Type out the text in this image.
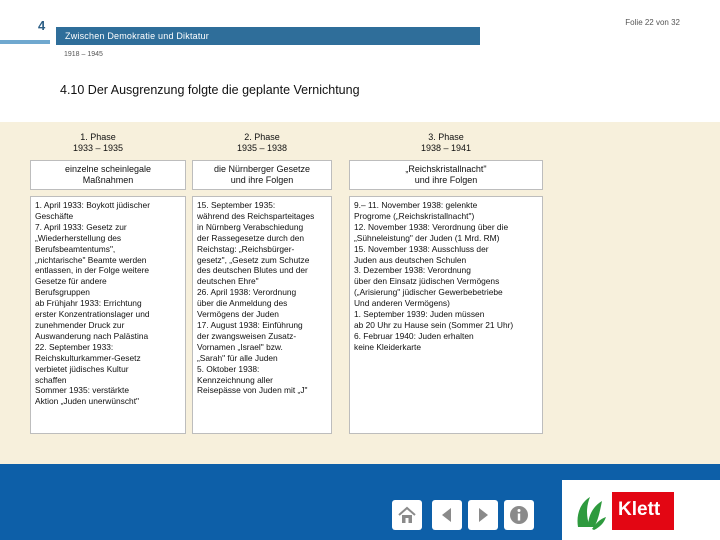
4	Folie 22 von 32
Zwischen Demokratie und Diktatur
1918 – 1945
4.10 Der Ausgrenzung folgte die geplante Vernichtung
1. Phase
1933 – 1935
einzelne scheinlegale
Maßnahmen
1. April 1933: Boykott jüdischer
Geschäfte
7. April 1933: Gesetz zur
„Wiederherstellung des
Berufsbeamtentums",
„nichtarische" Beamte werden
entlassen, in der Folge weitere
Gesetze für andere
Berufsgruppen
ab Frühjahr 1933: Errichtung
erster Konzentrationslager und
zunehmender Druck zur
Auswanderung nach Palästina
22. September 1933:
Reichskulturkammer-Gesetz
verbietet jüdisches Kultur
schaffen
Sommer 1935: verstärkte
Aktion „Juden unerwünscht"
2. Phase
1935 – 1938
die Nürnberger Gesetze
und ihre Folgen
15. September 1935:
während des Reichsparteitages
in Nürnberg Verabschiedung
der Rassegesetze durch den
Reichstag: „Reichsbürger-
gesetz", „Gesetz zum Schutze
des deutschen Blutes und der
deutschen Ehre"
26. April 1938: Verordnung
über die Anmeldung des
Vermögens der Juden
17. August 1938: Einführung
der zwangsweisen Zusatz-
Vornamen „Israel" bzw.
„Sarah" für alle Juden
5. Oktober 1938:
Kennzeichnung aller
Reisepässe von Juden mit „J"
3. Phase
1938 – 1941
„Reichskristallnacht"
und ihre Folgen
9.– 11. November 1938: gelenkte
Progrome („Reichskristallnacht")
12. November 1938: Verordnung über die
„Sühneleistung" der Juden (1 Mrd. RM)
15. November 1938: Ausschluss der
Juden aus deutschen Schulen
3. Dezember 1938: Verordnung
über den Einsatz jüdischen Vermögens
(„Arisierung" jüdischer Gewerbebetriebe
Und anderen Vermögens)
1. September 1939: Juden müssen
ab 20 Uhr zu Hause sein (Sommer 21 Uhr)
6. Februar 1940: Juden erhalten
keine Kleiderkarte
Klett
